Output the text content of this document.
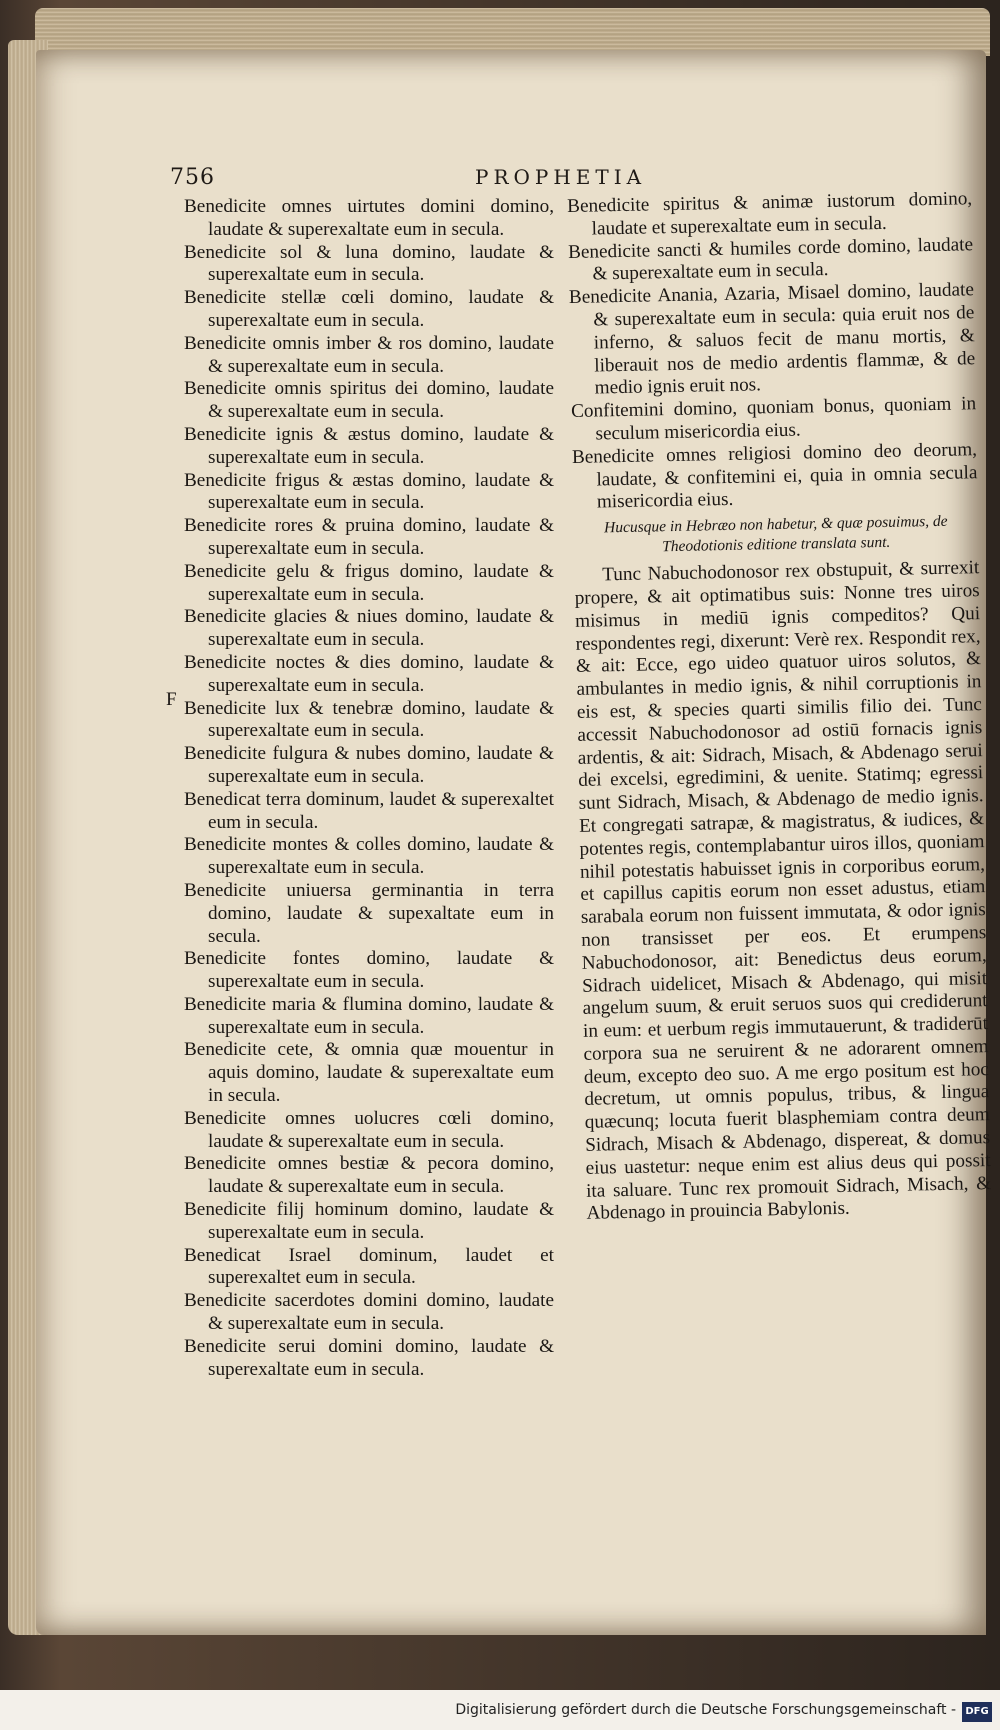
756	PROPHETIA
F

Benedicite omnes uirtutes domini domino, laudate & superexaltate eum in secula.

Benedicite sol & luna domino, laudate & superexaltate eum in secula.

Benedicite stellæ cœli domino, laudate & superexaltate eum in secula.

Benedicite omnis imber & ros domino, laudate & superexaltate eum in secula.

Benedicite omnis spiritus dei domino, laudate & superexaltate eum in secula.

Benedicite ignis & æstus domino, laudate & superexaltate eum in secula.

Benedicite frigus & æstas domino, laudate & superexaltate eum in secula.

Benedicite rores & pruina domino, laudate & superexaltate eum in secula.

Benedicite gelu & frigus domino, laudate & superexaltate eum in secula.

Benedicite glacies & niues domino, laudate & superexaltate eum in secula.

Benedicite noctes & dies domino, laudate & superexaltate eum in secula.

Benedicite lux & tenebræ domino, laudate & superexaltate eum in secula.

Benedicite fulgura & nubes domino, laudate & superexaltate eum in secula.

Benedicat terra dominum, laudet & superexaltet eum in secula.

Benedicite montes & colles domino, laudate & superexaltate eum in secula.

Benedicite uniuersa germinantia in terra domino, laudate & supexaltate eum in secula.

Benedicite fontes domino, laudate & superexaltate eum in secula.

Benedicite maria & flumina domino, laudate & superexaltate eum in secula.

Benedicite cete, & omnia quæ mouentur in aquis domino, laudate & superexaltate eum in secula.

Benedicite omnes uolucres cœli domino, laudate & superexaltate eum in secula.

Benedicite omnes bestiæ & pecora domino, laudate & superexaltate eum in secula.

Benedicite filij hominum domino, laudate & superexaltate eum in secula.

Benedicat Israel dominum, laudet et superexaltet eum in secula.

Benedicite sacerdotes domini domino, laudate & superexaltate eum in secula.

Benedicite serui domini domino, laudate & superexaltate eum in secula.

Benedicite spiritus & animæ iustorum domino, laudate et superexaltate eum in secula.

Benedicite sancti & humiles corde domino, laudate & superexaltate eum in secula.

Benedicite Anania, Azaria, Misael domino, laudate & superexaltate eum in secula: quia eruit nos de inferno, & saluos fecit de manu mortis, & liberauit nos de medio ardentis flammæ, & de medio ignis eruit nos.

Confitemini domino, quoniam bonus, quoniam in seculum misericordia eius.

Benedicite omnes religiosi domino deo deorum, laudate, & confitemini ei, quia in omnia secula misericordia eius.

Hucusque in Hebræo non habetur, & quæ posuimus, de Theodotionis editione translata sunt.

Tunc Nabuchodonosor rex obstupuit, & surrexit propere, & ait optimatibus suis: Nonne tres uiros misimus in mediū ignis compeditos? Qui respondentes regi, dixerunt: Verè rex. Respondit rex, & ait: Ecce, ego uideo quatuor uiros solutos, & ambulantes in medio ignis, & nihil corruptionis in eis est, & species quarti similis filio dei. Tunc accessit Nabuchodonosor ad ostiū fornacis ignis ardentis, & ait: Sidrach, Misach, & Abdenago serui dei excelsi, egredimini, & uenite. Statimq; egressi sunt Sidrach, Misach, & Abdenago de medio ignis. Et congregati satrapæ, & magistratus, & iudices, & potentes regis, contemplabantur uiros illos, quoniam nihil potestatis habuisset ignis in corporibus eorum, et capillus capitis eorum non esset adustus, etiam sarabala eorum non fuissent immutata, & odor ignis non transisset per eos. Et erumpens Nabuchodonosor, ait: Benedictus deus eorum, Sidrach uidelicet, Misach & Abdenago, qui misit angelum suum, & eruit seruos suos qui crediderunt in eum: et uerbum regis immutauerunt, & tradiderūt corpora sua ne seruirent & ne adorarent omnem deum, excepto deo suo. A me ergo positum est hoc decretum, ut omnis populus, tribus, & lingua quæcunq; locuta fuerit blasphemiam contra deum Sidrach, Misach & Abdenago, dispereat, & domus eius uastetur: neque enim est alius deus qui possit ita saluare. Tunc rex promouit Sidrach, Misach, & Abdenago in prouincia Babylonis.

Digitalisierung gefördert durch die Deutsche Forschungsgemeinschaft - DFG
